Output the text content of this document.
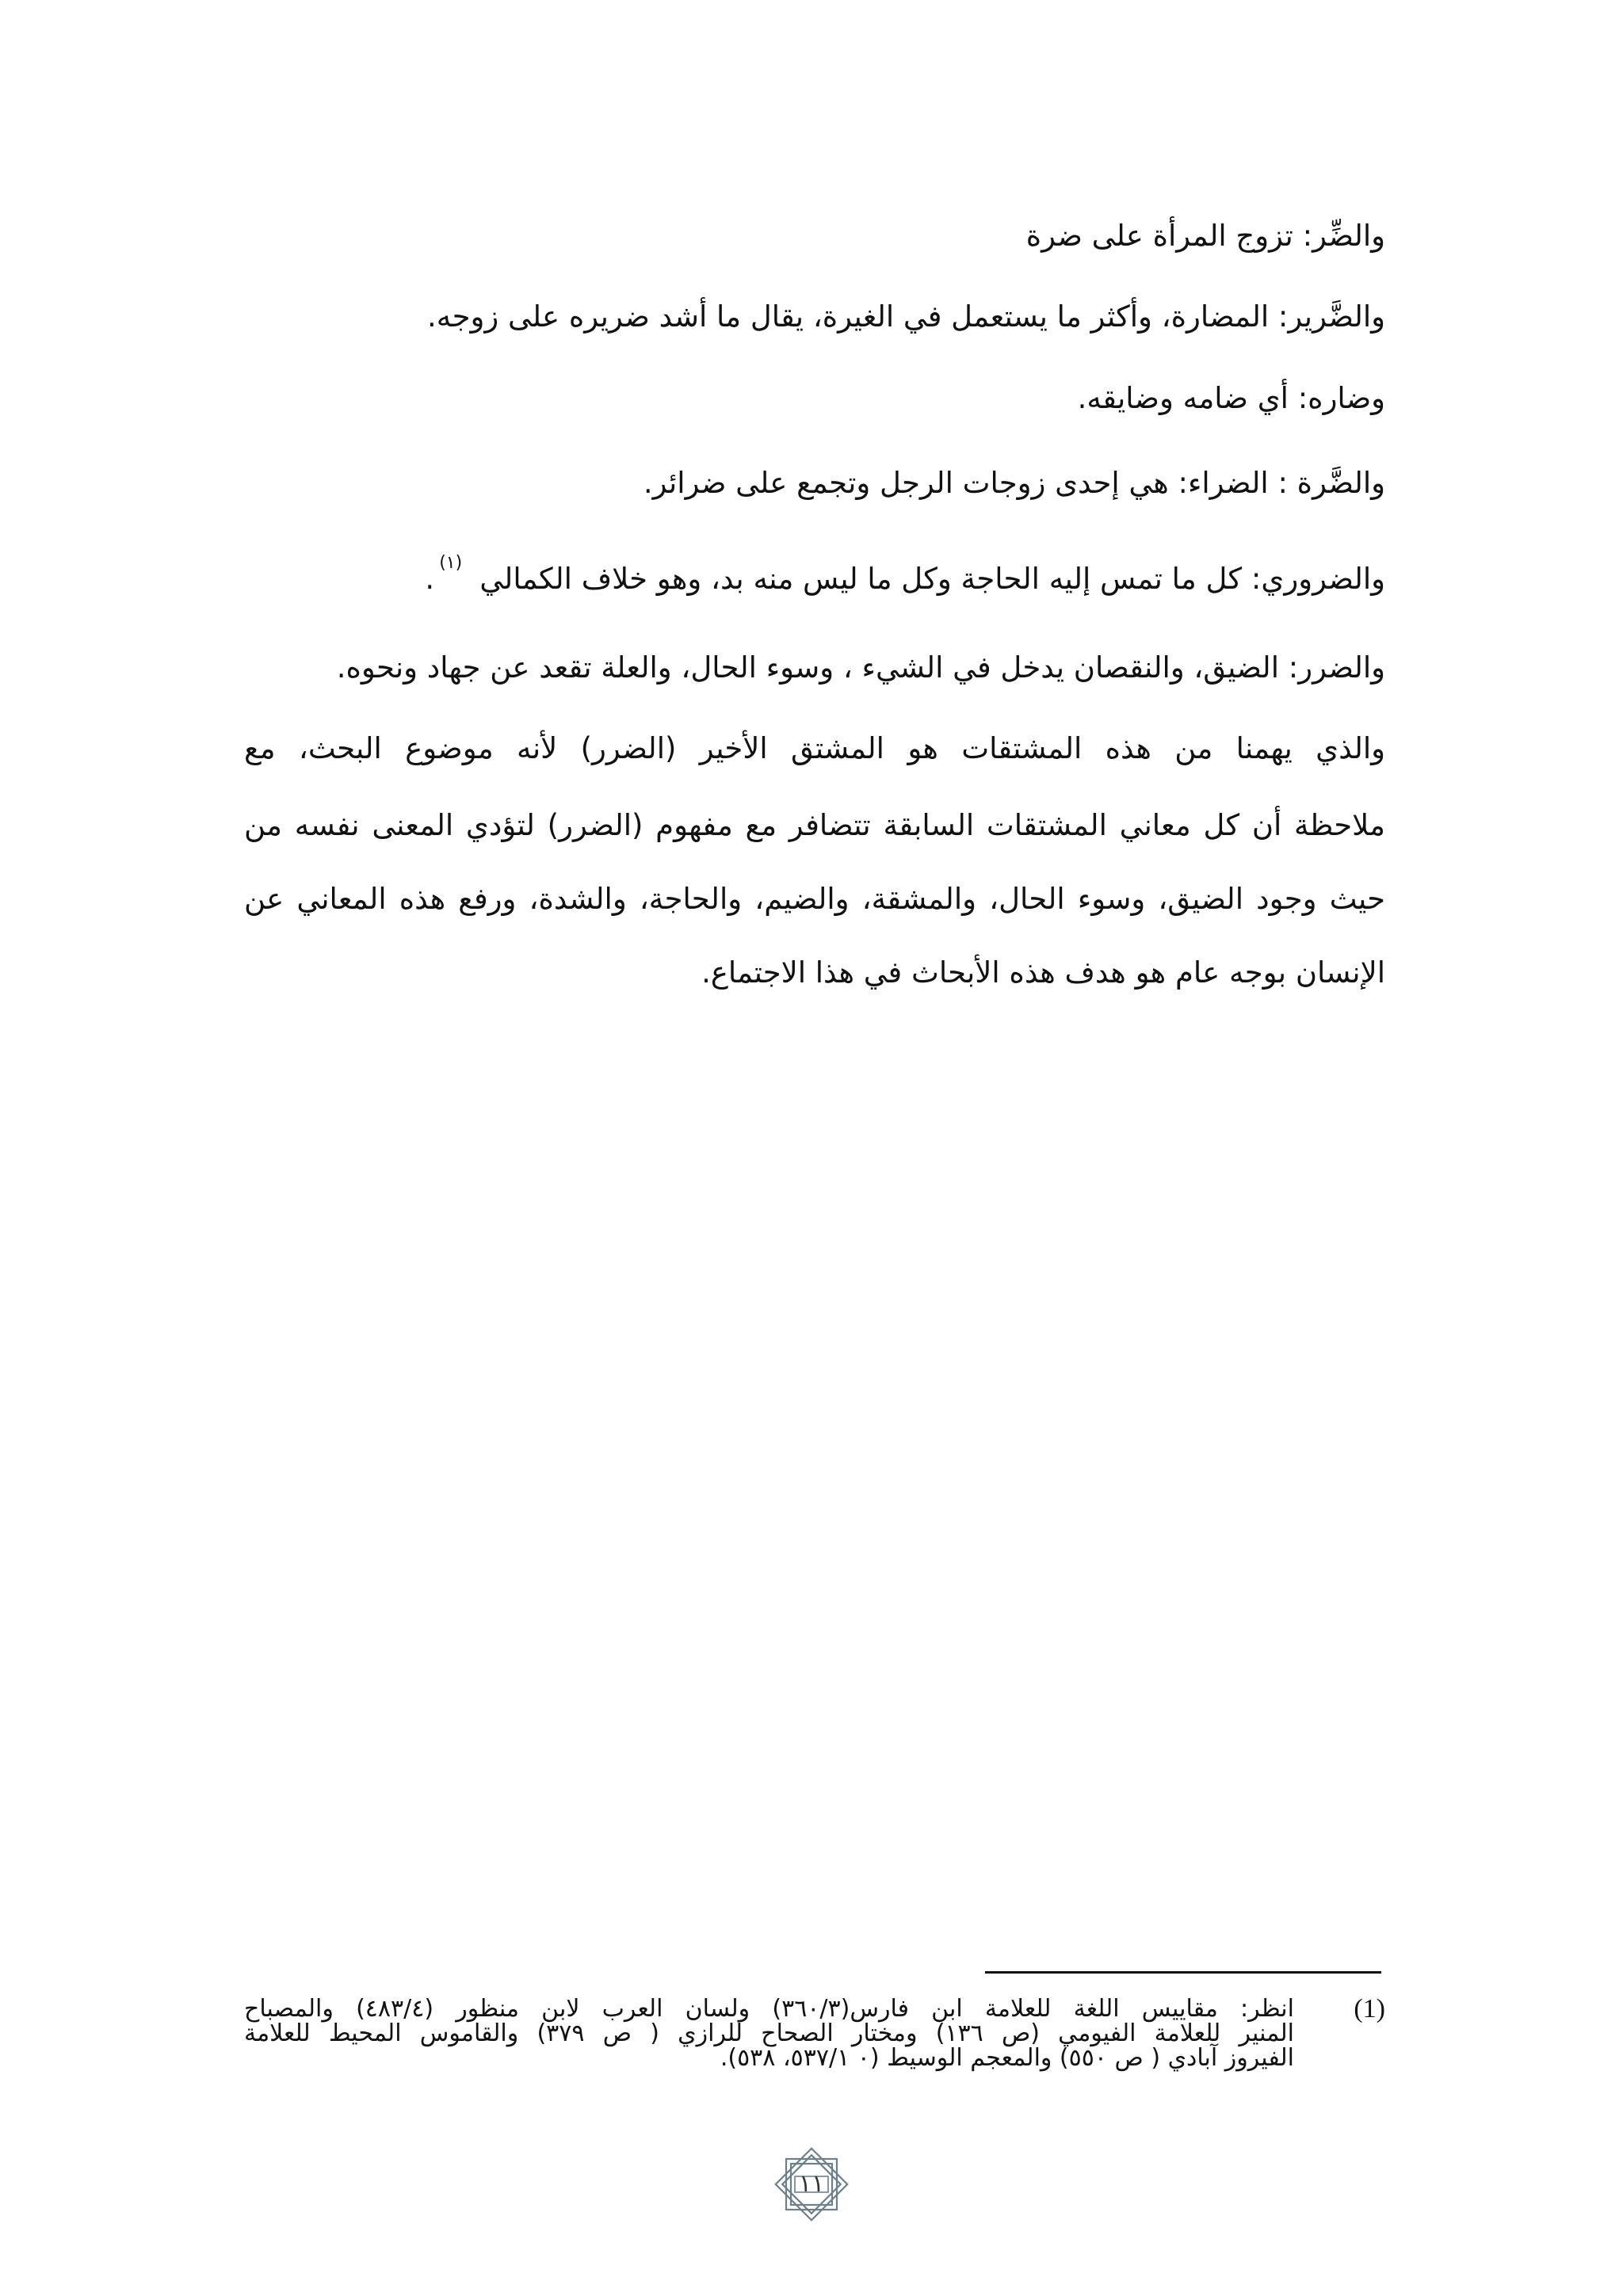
والضِّر: تزوج المرأة على ضرة
والضَّرير: المضارة، وأكثر ما يستعمل في الغيرة، يقال ما أشد ضريره على زوجه.
وضاره: أي ضامه وضايقه.
والضَّرة : الضراء: هي إحدى زوجات الرجل وتجمع على ضرائر.
والضروري: كل ما تمس إليه الحاجة وكل ما ليس منه بد، وهو خلاف الكمالي$^{(١)}$.
والضرر: الضيق، والنقصان يدخل في الشيء ، وسوء الحال، والعلة تقعد عن جهاد ونحوه.
والذي يهمنا من هذه المشتقات هو المشتق الأخير (الضرر) لأنه موضوع البحث، مع
ملاحظة أن كل معاني المشتقات السابقة تتضافر مع مفهوم (الضرر) لتؤدي المعنى نفسه من
حيث وجود الضيق، وسوء الحال، والمشقة، والضيم، والحاجة، والشدة، ورفع هذه المعاني عن
الإنسان بوجه عام هو هدف هذه الأبحاث في هذا الاجتماع.
(1)
انظر: مقاييس اللغة للعلامة ابن فارس(٣٦٠/٣) ولسان العرب لابن منظور (٤٨٣/٤) والمصباح
المنير للعلامة الفيومي (ص ١٣٦) ومختار الصحاح للرازي ( ص ٣٧٩) والقاموس المحيط للعلامة
الفيروز آبادي ( ص ٥٥٠) والمعجم الوسيط (٠ ٥٣٧/١، ٥٣٨).
١١
